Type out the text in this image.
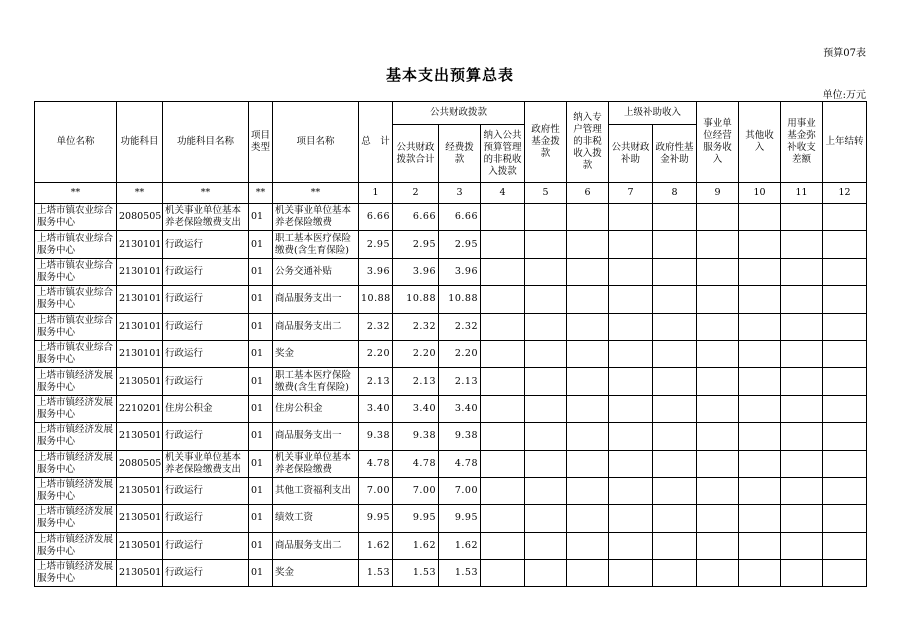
预算07表
基本支出预算总表
单位:万元
单位名称	功能科目	功能科目名称	项目类型	项目名称	总　计	公共财政拨款			政府性基金拨款	纳入专户管理的非税收入拨款	上级补助收入		事业单位经营服务收入	其他收入	用事业基金弥补收支差额	上年结转
						公共财政拨款合计	经费拨款	纳入公共预算管理的非税收入拨款			公共财政补助	政府性基金补助				
**	**	**	**	**	1	2	3	4	5	6	7	8	9	10	11	12
上塔市镇农业综合服务中心	2080505	机关事业单位基本养老保险缴费支出	01	机关事业单位基本养老保险缴费	6.66	6.66	6.66									
上塔市镇农业综合服务中心	2130101	行政运行	01	职工基本医疗保险缴费(含生育保险)	2.95	2.95	2.95									
上塔市镇农业综合服务中心	2130101	行政运行	01	公务交通补贴	3.96	3.96	3.96									
上塔市镇农业综合服务中心	2130101	行政运行	01	商品服务支出一	10.88	10.88	10.88									
上塔市镇农业综合服务中心	2130101	行政运行	01	商品服务支出二	2.32	2.32	2.32									
上塔市镇农业综合服务中心	2130101	行政运行	01	奖金	2.20	2.20	2.20									
上塔市镇经济发展服务中心	2130501	行政运行	01	职工基本医疗保险缴费(含生育保险)	2.13	2.13	2.13									
上塔市镇经济发展服务中心	2210201	住房公积金	01	住房公积金	3.40	3.40	3.40									
上塔市镇经济发展服务中心	2130501	行政运行	01	商品服务支出一	9.38	9.38	9.38									
上塔市镇经济发展服务中心	2080505	机关事业单位基本养老保险缴费支出	01	机关事业单位基本养老保险缴费	4.78	4.78	4.78									
上塔市镇经济发展服务中心	2130501	行政运行	01	其他工资福利支出	7.00	7.00	7.00									
上塔市镇经济发展服务中心	2130501	行政运行	01	绩效工资	9.95	9.95	9.95									
上塔市镇经济发展服务中心	2130501	行政运行	01	商品服务支出二	1.62	1.62	1.62									
上塔市镇经济发展服务中心	2130501	行政运行	01	奖金	1.53	1.53	1.53									
